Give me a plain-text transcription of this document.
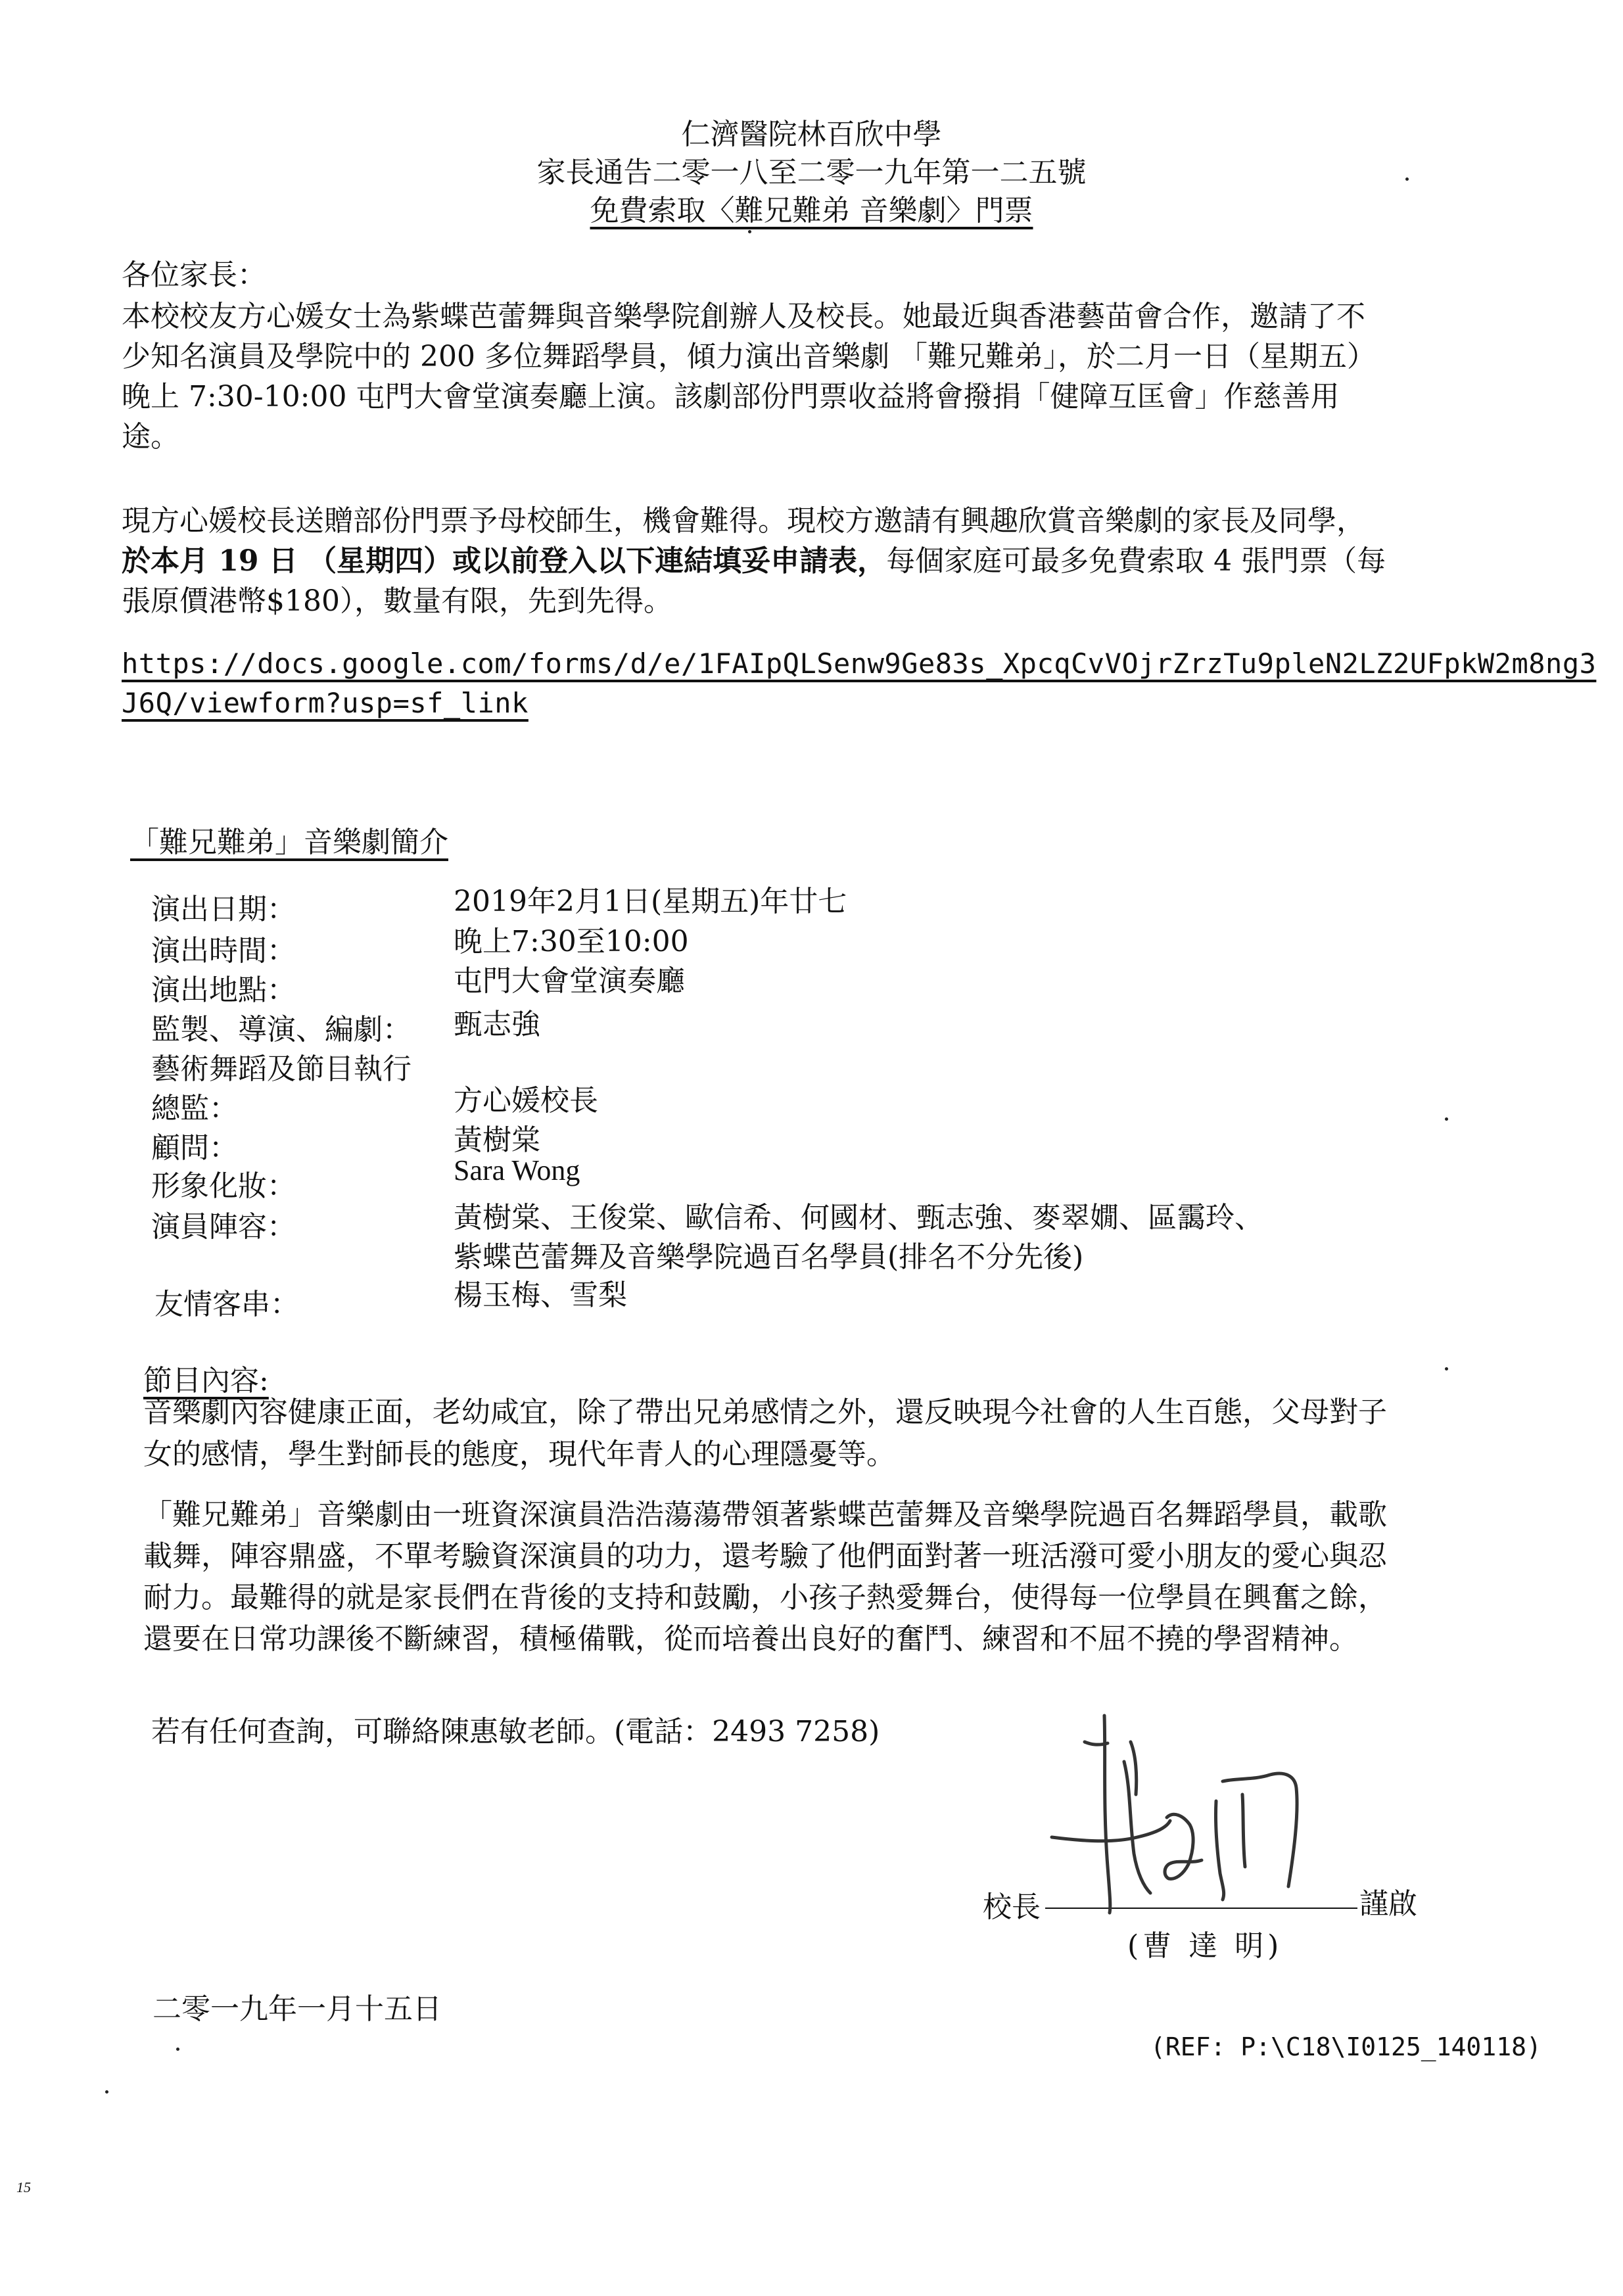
仁濟醫院林百欣中學
家長通告二零一八至二零一九年第一二五號
免費索取〈難兄難弟 音樂劇〉門票
各位家長：
本校校友方心媛女士為紫蝶芭蕾舞與音樂學院創辦人及校長。她最近與香港藝苗會合作，邀請了不
少知名演員及學院中的 200 多位舞蹈學員，傾力演出音樂劇 「難兄難弟」，於二月一日（星期五）
晚上 7:30-10:00 屯門大會堂演奏廳上演。該劇部份門票收益將會撥捐「健障互匡會」作慈善用
途。
現方心媛校長送贈部份門票予母校師生，機會難得。現校方邀請有興趣欣賞音樂劇的家長及同學，
於本月 19 日 （星期四）或以前登入以下連結填妥申請表，每個家庭可最多免費索取 4 張門票（每
張原價港幣$180），數量有限，先到先得。
https://docs.google.com/forms/d/e/1FAIpQLSenw9Ge83s_XpcqCvVOjrZrzTu9pleN2LZ2UFpkW2m8ng3
J6Q/viewform?usp=sf_link
「難兄難弟」音樂劇簡介
演出日期：	2019年2月1日(星期五)年廿七
演出時間：	晚上7:30至10:00
演出地點：	屯門大會堂演奏廳
監製、導演、編劇： 甄志強
藝術舞蹈及節目執行
總監：	方心媛校長
顧問：	黃樹棠
形象化妝：	Sara Wong
演員陣容：	黃樹棠、王俊棠、歐信希、何國材、甄志強、麥翠嫺、區靄玲、
紫蝶芭蕾舞及音樂學院過百名學員(排名不分先後)
友情客串：	楊玉梅、雪梨
節目內容:
音樂劇內容健康正面，老幼咸宜，除了帶出兄弟感情之外，還反映現今社會的人生百態，父母對子
女的感情，學生對師長的態度，現代年青人的心理隱憂等。
「難兄難弟」音樂劇由一班資深演員浩浩蕩蕩帶領著紫蝶芭蕾舞及音樂學院過百名舞蹈學員，載歌
載舞，陣容鼎盛，不單考驗資深演員的功力，還考驗了他們面對著一班活潑可愛小朋友的愛心與忍
耐力。最難得的就是家長們在背後的支持和鼓勵，小孩子熱愛舞台，使得每一位學員在興奮之餘，
還要在日常功課後不斷練習，積極備戰，從而培養出良好的奮鬥、練習和不屈不撓的學習精神。
若有任何查詢，可聯絡陳惠敏老師。(電話：2493 7258)
校長	謹啟
(曹 達 明)
二零一九年一月十五日
(REF: P:\C18\I0125_140118)
15
